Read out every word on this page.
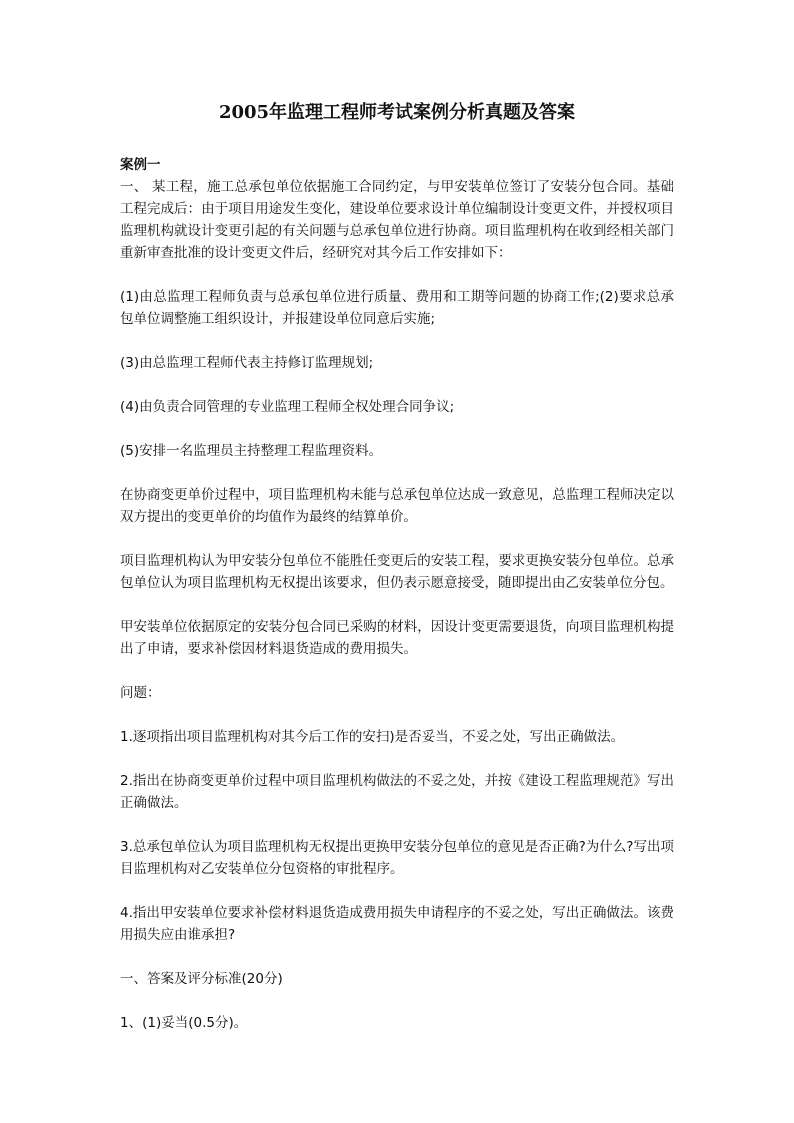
2005年监理工程师考试案例分析真题及答案
案例一

一、 某工程，施工总承包单位依据施工合同约定，与甲安装单位签订了安装分包合同。基础工程完成后：由于项目用途发生变化，建设单位要求设计单位编制设计变更文件，并授权项目监理机构就设计变更引起的有关问题与总承包单位进行协商。项目监理机构在收到经相关部门重新审查批准的设计变更文件后，经研究对其今后工作安排如下：

(1)由总监理工程师负责与总承包单位进行质量、费用和工期等问题的协商工作;(2)要求总承包单位调整施工组织设计，并报建设单位同意后实施;

(3)由总监理工程师代表主持修订监理规划;

(4)由负责合同管理的专业监理工程师全权处理合同争议;

(5)安排一名监理员主持整理工程监理资料。

在协商变更单价过程中，项目监理机构未能与总承包单位达成一致意见，总监理工程师决定以双方提出的变更单价的均值作为最终的结算单价。

项目监理机构认为甲安装分包单位不能胜任变更后的安装工程，要求更换安装分包单位。总承包单位认为项目监理机构无权提出该要求，但仍表示愿意接受，随即提出由乙安装单位分包。

甲安装单位依据原定的安装分包合同已采购的材料，因设计变更需要退货，向项目监理机构提出了申请，要求补偿因材料退货造成的费用损失。

问题：

1.逐项指出项目监理机构对其今后工作的安扫)是否妥当，不妥之处，写出正确做法。

2.指出在协商变更单价过程中项目监理机构做法的不妥之处，并按《建设工程监理规范》写出正确做法。

3.总承包单位认为项目监理机构无权提出更换甲安装分包单位的意见是否正确?为什么?写出项目监理机构对乙安装单位分包资格的审批程序。

4.指出甲安装单位要求补偿材料退货造成费用损失申请程序的不妥之处，写出正确做法。该费用损失应由谁承担?

一、答案及评分标准(20分)

1、(1)妥当(0.5分)。
